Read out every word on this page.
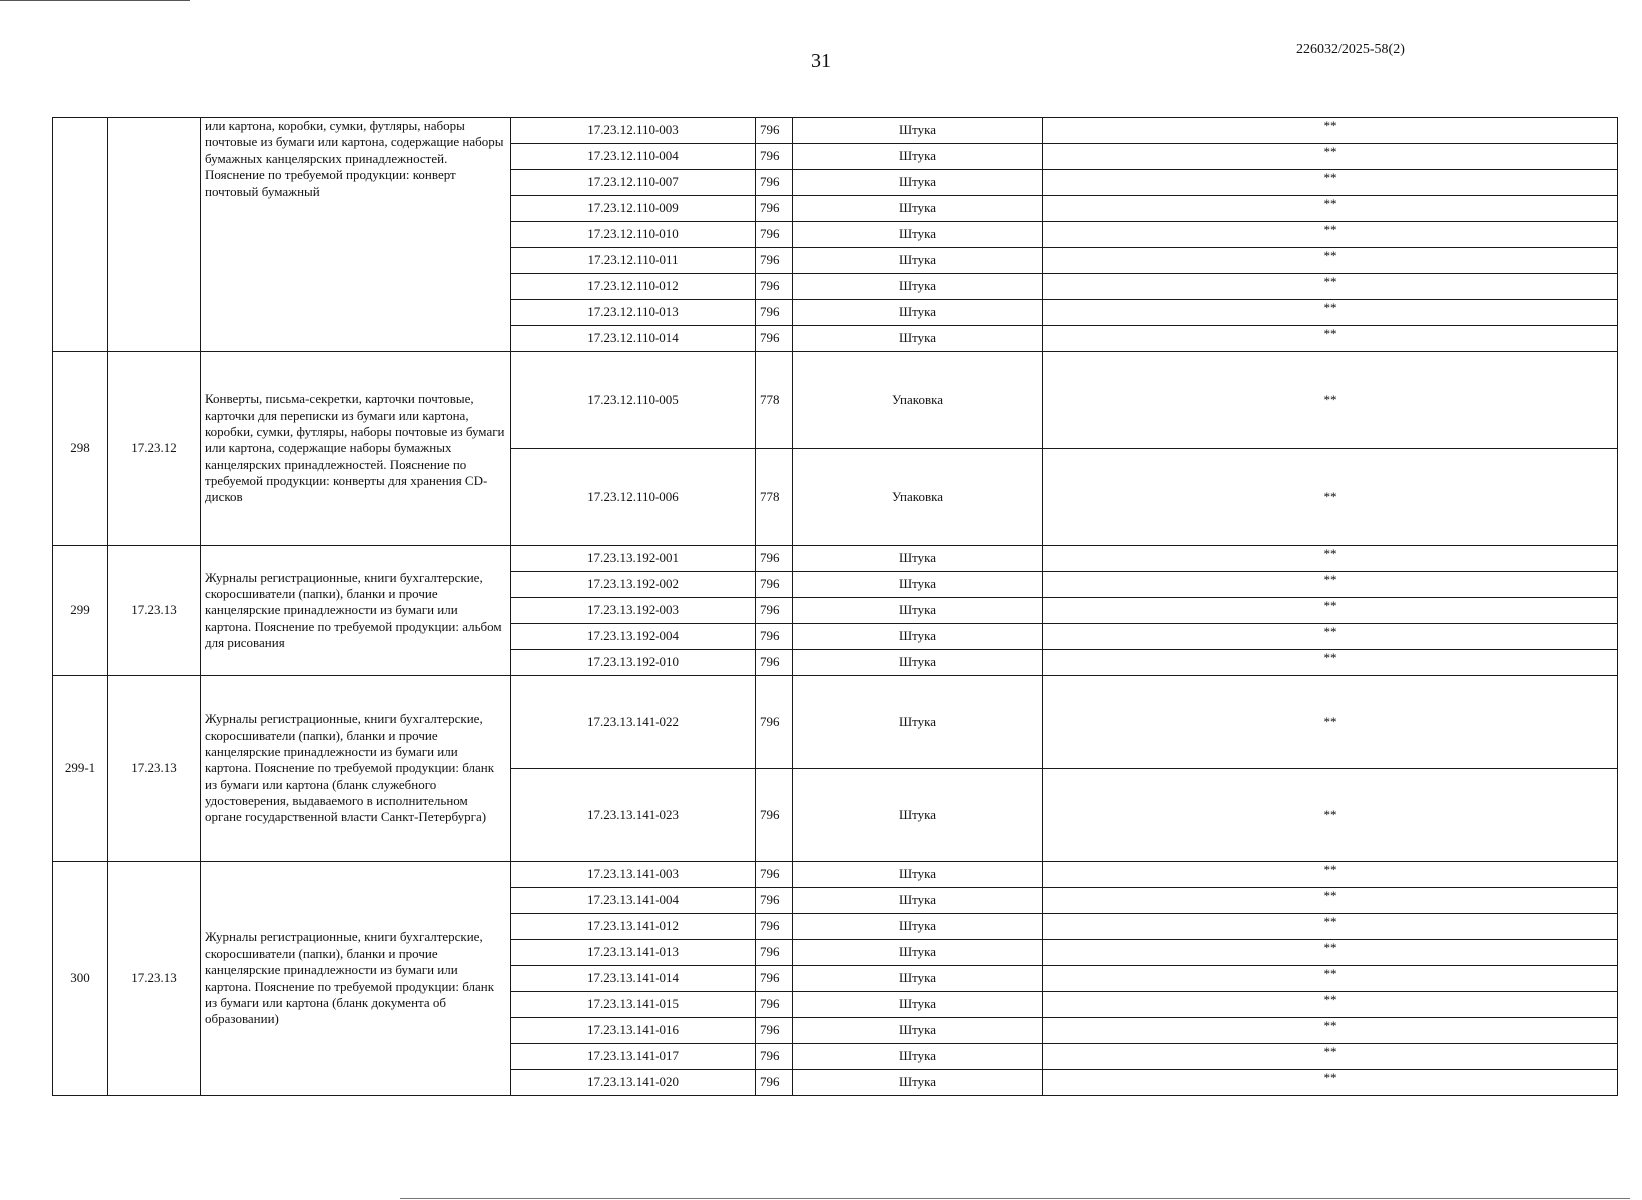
31
226032/2025-58(2)
		или картона, коробки, сумки, футляры, наборы почтовые из бумаги или картона, содержащие наборы бумажных канцелярских принадлежностей. Пояснение по требуемой продукции: конверт почтовый бумажный	17.23.12.110-003	796	Штука	**
			17.23.12.110-004	796	Штука	**
			17.23.12.110-007	796	Штука	**
			17.23.12.110-009	796	Штука	**
			17.23.12.110-010	796	Штука	**
			17.23.12.110-011	796	Штука	**
			17.23.12.110-012	796	Штука	**
			17.23.12.110-013	796	Штука	**
			17.23.12.110-014	796	Штука	**
298	17.23.12	Конверты, письма-секретки, карточки почтовые, карточки для переписки из бумаги или картона, коробки, сумки, футляры, наборы почтовые из бумаги или картона, содержащие наборы бумажных канцелярских принадлежностей. Пояснение по требуемой продукции: конверты для хранения CD-дисков	17.23.12.110-005	778	Упаковка	**
			17.23.12.110-006	778	Упаковка	**
299	17.23.13	Журналы регистрационные, книги бухгалтерские, скоросшиватели (папки), бланки и прочие канцелярские принадлежности из бумаги или картона. Пояснение по требуемой продукции: альбом для рисования	17.23.13.192-001	796	Штука	**
			17.23.13.192-002	796	Штука	**
			17.23.13.192-003	796	Штука	**
			17.23.13.192-004	796	Штука	**
			17.23.13.192-010	796	Штука	**
299-1	17.23.13	Журналы регистрационные, книги бухгалтерские, скоросшиватели (папки), бланки и прочие канцелярские принадлежности из бумаги или картона. Пояснение по требуемой продукции: бланк из бумаги или картона (бланк служебного удостоверения, выдаваемого в исполнительном органе государственной власти Санкт-Петербурга)	17.23.13.141-022	796	Штука	**
			17.23.13.141-023	796	Штука	**
300	17.23.13	Журналы регистрационные, книги бухгалтерские, скоросшиватели (папки), бланки и прочие канцелярские принадлежности из бумаги или картона. Пояснение по требуемой продукции: бланк из бумаги или картона (бланк документа об образовании)	17.23.13.141-003	796	Штука	**
			17.23.13.141-004	796	Штука	**
			17.23.13.141-012	796	Штука	**
			17.23.13.141-013	796	Штука	**
			17.23.13.141-014	796	Штука	**
			17.23.13.141-015	796	Штука	**
			17.23.13.141-016	796	Штука	**
			17.23.13.141-017	796	Штука	**
			17.23.13.141-020	796	Штука	**
